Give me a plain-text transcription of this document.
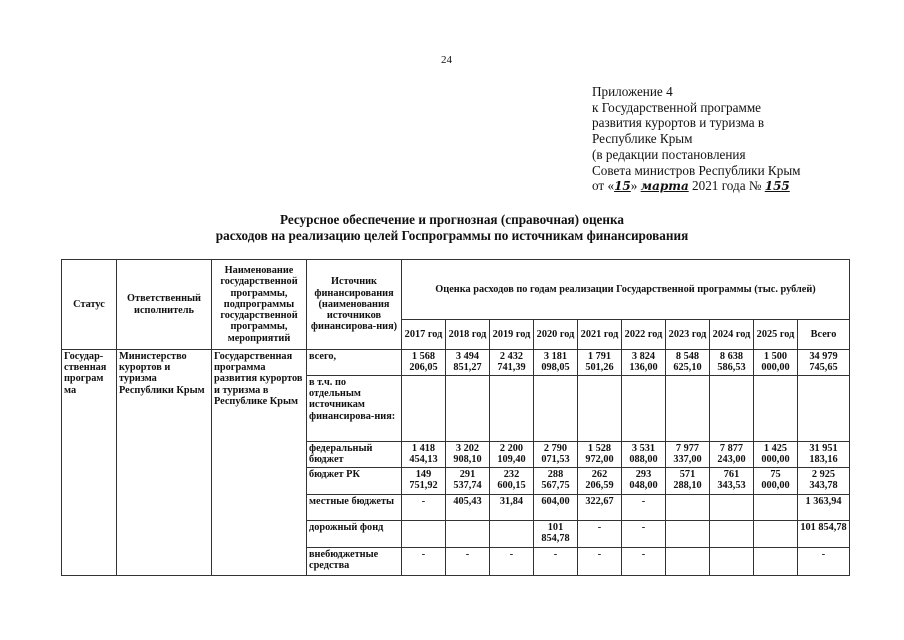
24
Приложение 4
к Государственной программе
развития курортов и туризма в
Республике Крым
(в редакции постановления
Совета министров Республики Крым
от «15» марта 2021 года № 155
Ресурсное обеспечение и прогнозная (справочная) оценка
расходов на реализацию целей Госпрограммы по источникам финансирования
Статус	Ответственный исполнитель	Наименование государственной программы, подпрограммы государственной программы, мероприятий	Источник финансирования (наименования источников финансирова-ния)	Оценка расходов по годам реализации Государственной программы (тыс. рублей)									
				2017 год	2018 год	2019 год	2020 год	2021 год	2022 год	2023 год	2024 год	2025 год	Всего
Государ-ственная програм ма	Министерство курортов и туризма Республики Крым	Государственная программа развития курортов и туризма в Республике Крым	всего,	1 568 206,05	3 494 851,27	2 432 741,39	3 181 098,05	1 791 501,26	3 824 136,00	8 548 625,10	8 638 586,53	1 500 000,00	34 979 745,65
			в т.ч. по отдельным источникам финансирова-ния:										
			федеральный бюджет	1 418 454,13	3 202 908,10	2 200 109,40	2 790 071,53	1 528 972,00	3 531 088,00	7 977 337,00	7 877 243,00	1 425 000,00	31 951 183,16
			бюджет РК	149 751,92	291 537,74	232 600,15	288 567,75	262 206,59	293 048,00	571 288,10	761 343,53	75 000,00	2 925 343,78
			местные бюджеты	-	405,43	31,84	604,00	322,67	-				1 363,94
			дорожный фонд				101 854,78	-	-				101 854,78
			внебюджетные средства	-	-	-	-	-	-				-
